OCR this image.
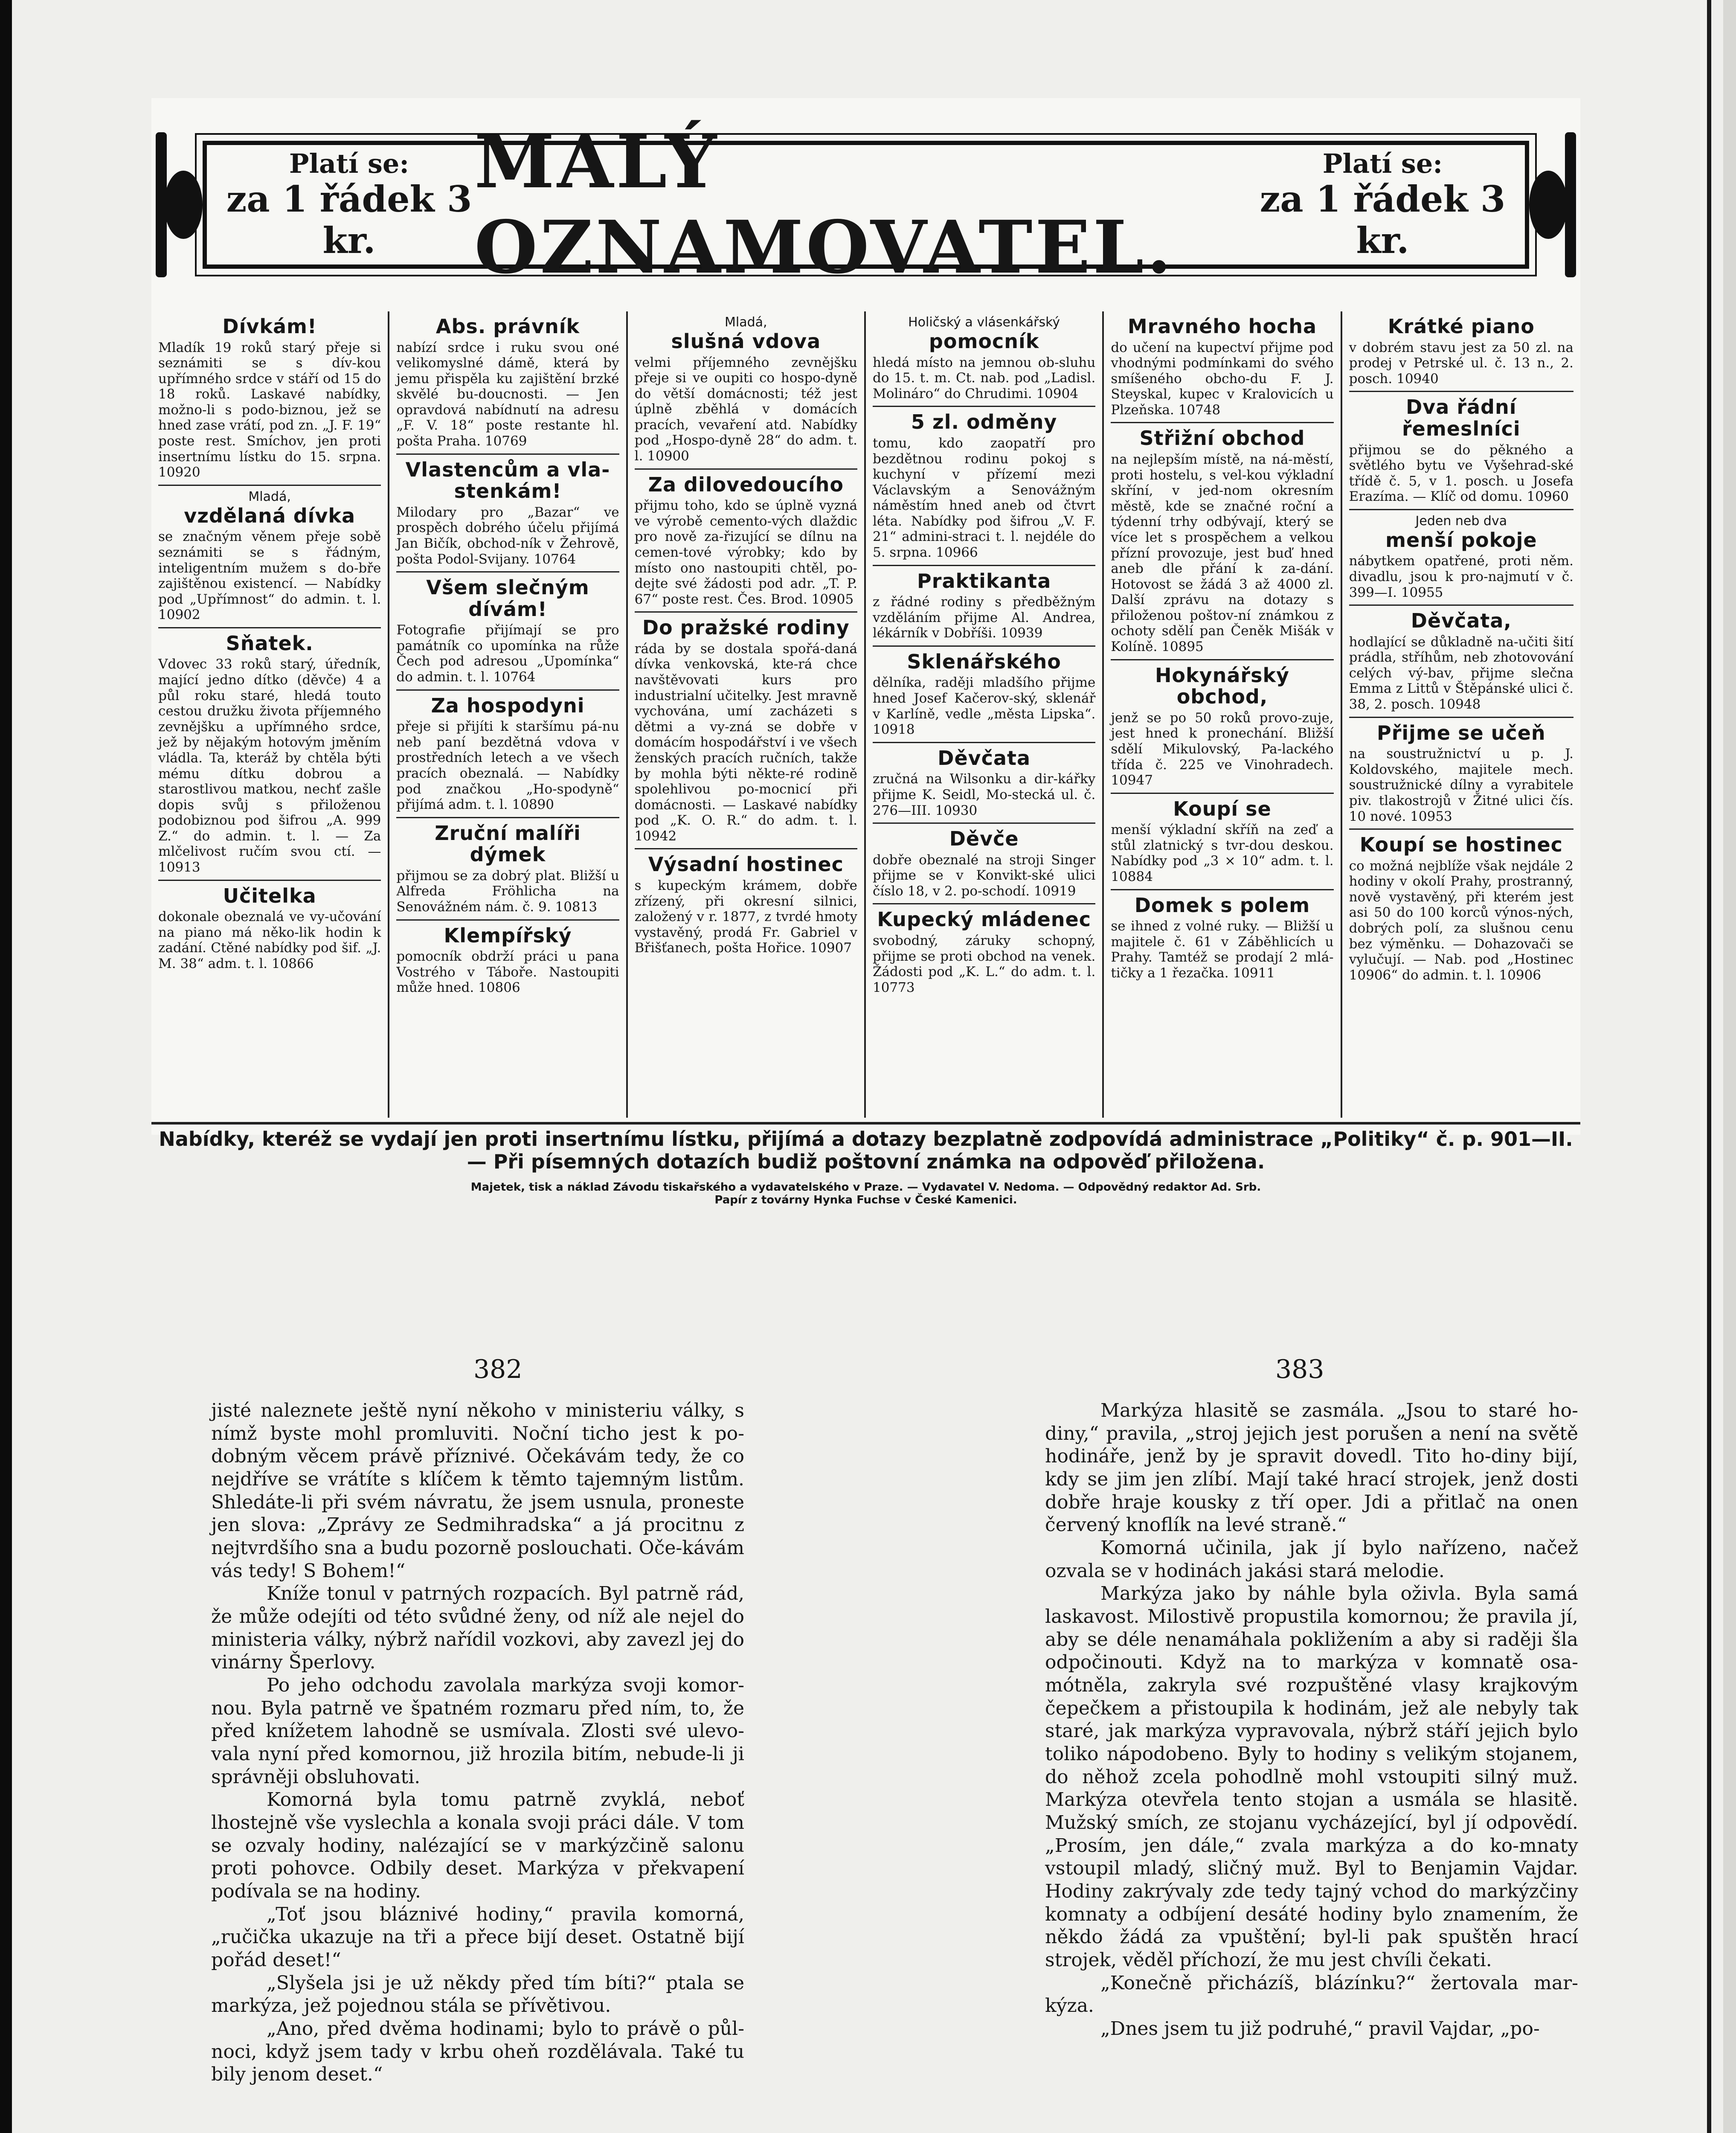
Platí se:
za 1 řádek 3 kr.
MALÝ OZNAMOVATEL.
Platí se:
za 1 řádek 3 kr.
Dívkám!
Mladík 19 roků starý přeje si seznámiti se s dív-kou upřímného srdce v stáří od 15 do 18 roků. Laskavé nabídky, možno-li s podo-biznou, jež se hned zase vrátí, pod zn. „J. F. 19“ poste rest. Smíchov, jen proti insertnímu lístku do 15. srpna. 10920
Mladá,
vzdělaná dívka
se značným věnem přeje sobě seznámiti se s řádným, inteligentním mužem s do-bře zajištěnou existencí. — Nabídky pod „Upřímnost“ do admin. t. l. 10902
Sňatek.
Vdovec 33 roků starý, úředník, mající jedno dítko (děvče) 4 a půl roku staré, hledá touto cestou družku života příjemného zevnějšku a upřímného srdce, jež by nějakým hotovým jměním vládla. Ta, kteráž by chtěla býti mému dítku dobrou a starostlivou matkou, nechť zašle dopis svůj s přiloženou podobiznou pod šifrou „A. 999 Z.“ do admin. t. l. — Za mlčelivost ručím svou ctí. — 10913
Učitelka
dokonale obeznalá ve vy-učování na piano má něko-lik hodin k zadání. Ctěné nabídky pod šif. „J. M. 38“ adm. t. l. 10866
Abs. právník
nabízí srdce i ruku svou oné velikomyslné dámě, která by jemu přispěla ku zajištění brzké skvělé bu-doucnosti. — Jen opravdová nabídnutí na adresu „F. V. 18“ poste restante hl. pošta Praha. 10769
Vlastencům a vla-stenkám!
Milodary pro „Bazar“ ve prospěch dobrého účelu přijímá Jan Bičík, obchod-ník v Žehrově, pošta Podol-Svijany. 10764
Všem slečným dívám!
Fotografie přijímají se pro památník co upomínka na růže Čech pod adresou „Upomínka“ do admin. t. l. 10764
Za hospodyni
přeje si přijíti k staršímu pá-nu neb paní bezdětná vdova v prostředních letech a ve všech pracích obeznalá. — Nabídky pod značkou „Ho-spodyně“ přijímá adm. t. l. 10890
Zruční malíři dýmek
přijmou se za dobrý plat. Bližší u Alfreda Fröhlicha na Senovážném nám. č. 9. 10813
Klempířský
pomocník obdrží práci u pana Vostrého v Táboře. Nastoupiti může hned. 10806
Mladá,
slušná vdova
velmi příjemného zevnějšku přeje si ve oupiti co hospo-dyně do větší domácnosti; též jest úplně zběhlá v domácích pracích, vevaření atd. Nabídky pod „Hospo-dyně 28“ do adm. t. l. 10900
Za dilovedoucího
přijmu toho, kdo se úplně vyzná ve výrobě cemento-vých dlaždic pro nově za-řizující se dílnu na cemen-tové výrobky; kdo by místo ono nastoupiti chtěl, po-dejte své žádosti pod adr. „T. P. 67“ poste rest. Čes. Brod. 10905
Do pražské rodiny
ráda by se dostala spořá-daná dívka venkovská, kte-rá chce navštěvovati kurs pro industrialní učitelky. Jest mravně vychována, umí zacházeti s dětmi a vy-zná se dobře v domácím hospodářství i ve všech ženských pracích ručních, takže by mohla býti někte-ré rodině spolehlivou po-mocnicí při domácnosti. — Laskavé nabídky pod „K. O. R.“ do adm. t. l. 10942
Výsadní hostinec
s kupeckým krámem, dobře zřízený, při okresní silnici, založený v r. 1877, z tvrdé hmoty vystavěný, prodá Fr. Gabriel v Břišťanech, pošta Hořice. 10907
Holičský a vlásenkářský
pomocník
hledá místo na jemnou ob-sluhu do 15. t. m. Ct. nab. pod „Ladisl. Molináro“ do Chrudimi. 10904
5 zl. odměny
tomu, kdo zaopatří pro bezdětnou rodinu pokoj s kuchyní v přízemí mezi Václavským a Senovážným náměstím hned aneb od čtvrt léta. Nabídky pod šifrou „V. F. 21“ admini-straci t. l. nejdéle do 5. srpna. 10966
Praktikanta
z řádné rodiny s předběžným vzděláním přijme Al. Andrea, lékárník v Dobříši. 10939
Sklenářského
dělníka, raději mladšího přijme hned Josef Kačerov-ský, sklenář v Karlíně, vedle „města Lipska“. 10918
Děvčata
zručná na Wilsonku a dir-kářky přijme K. Seidl, Mo-stecká ul. č. 276—III. 10930
Děvče
dobře obeznalé na stroji Singer přijme se v Konvikt-ské ulici číslo 18, v 2. po-schodí. 10919
Kupecký mládenec
svobodný, záruky schopný, přijme se proti obchod na venek. Žádosti pod „K. L.“ do adm. t. l. 10773
Mravného hocha
do učení na kupectví přijme pod vhodnými podmínkami do svého smíšeného obcho-du F. J. Steyskal, kupec v Kralovicích u Plzeňska. 10748
Střižní obchod
na nejlepším místě, na ná-městí, proti hostelu, s vel-kou výkladní skříní, v jed-nom okresním městě, kde se značné roční a týdenní trhy odbývají, který se více let s prospěchem a velkou přízní provozuje, jest buď hned aneb dle přání k za-dání. Hotovost se žádá 3 až 4000 zl. Další zprávu na dotazy s přiloženou poštov-ní známkou z ochoty sdělí pan Čeněk Mišák v Kolíně. 10895
Hokynářský obchod,
jenž se po 50 roků provo-zuje, jest hned k pronechání. Bližší sdělí Mikulovský, Pa-lackého třída č. 225 ve Vinohradech. 10947
Koupí se
menší výkladní skříň na zeď a stůl zlatnický s tvr-dou deskou. Nabídky pod „3 × 10“ adm. t. l. 10884
Domek s polem
se ihned z volné ruky. — Bližší u majitele č. 61 v Záběhlicích u Prahy. Tamtéž se prodají 2 mlá-tičky a 1 řezačka. 10911
Krátké piano
v dobrém stavu jest za 50 zl. na prodej v Petrské ul. č. 13 n., 2. posch. 10940
Dva řádní řemeslníci
přijmou se do pěkného a světlého bytu ve Vyšehrad-ské třídě č. 5, v 1. posch. u Josefa Erazíma. — Klíč od domu. 10960
Jeden neb dva
menší pokoje
nábytkem opatřené, proti něm. divadlu, jsou k pro-najmutí v č. 399—I. 10955
Děvčata,
hodlající se důkladně na-učiti šití prádla, stříhům, neb zhotovování celých vý-bav, přijme slečna Emma z Littů v Štěpánské ulici č. 38, 2. posch. 10948
Přijme se učeň
na soustružnictví u p. J. Koldovského, majitele mech. soustružnické dílny a vyrabitele piv. tlakostrojů v Žitné ulici čís. 10 nové. 10953
Koupí se hostinec
co možná nejblíže však nejdále 2 hodiny v okolí Prahy, prostranný, nově vystavěný, při kterém jest asi 50 do 100 korců výnos-ných, dobrých polí, za slušnou cenu bez výměnku. — Dohazovači se vylučují. — Nab. pod „Hostinec 10906“ do admin. t. l. 10906
Nabídky, kteréž se vydají jen proti insertnímu lístku, přijímá a dotazy bezplatně zodpovídá administrace „Politiky“ č. p. 901—II. — Při písemných dotazích budiž poštovní známka na odpověď přiložena.
Majetek, tisk a náklad Závodu tiskařského a vydavatelského v Praze. — Vydavatel V. Nedoma. — Odpovědný redaktor Ad. Srb.
Papír z továrny Hynka Fuchse v České Kamenici.
382	383

jisté naleznete ještě nyní někoho v ministeriu války, s nímž byste mohl promluviti. Noční ticho jest k po-dobným věcem právě příznivé. Očekávám tedy, že co nejdříve se vrátíte s klíčem k těmto tajemným listům. Shledáte-li při svém návratu, že jsem usnula, proneste jen slova: „Zprávy ze Sedmihradska“ a já procitnu z nejtvrdšího sna a budu pozorně poslouchati. Oče-kávám vás tedy! S Bohem!“

Kníže tonul v patrných rozpacích. Byl patrně rád, že může odejíti od této svůdné ženy, od níž ale nejel do ministeria války, nýbrž nařídil vozkovi, aby zavezl jej do vinárny Šperlovy.

Po jeho odchodu zavolala markýza svoji komor-nou. Byla patrně ve špatném rozmaru před ním, to, že před knížetem lahodně se usmívala. Zlosti své ulevo-vala nyní před komornou, již hrozila bitím, nebude-li ji správněji obsluhovati.

Komorná byla tomu patrně zvyklá, neboť lhostejně vše vyslechla a konala svoji práci dále. V tom se ozvaly hodiny, nalézající se v markýzčině salonu proti pohovce. Odbily deset. Markýza v překvapení podívala se na hodiny.

„Toť jsou bláznivé hodiny,“ pravila komorná, „ručička ukazuje na tři a přece bijí deset. Ostatně bijí pořád deset!“

„Slyšela jsi je už někdy před tím bíti?“ ptala se markýza, jež pojednou stála se přívětivou.

„Ano, před dvěma hodinami; bylo to právě o půl-noci, když jsem tady v krbu oheň rozdělávala. Také tu bily jenom deset.“

Markýza hlasitě se zasmála. „Jsou to staré ho-diny,“ pravila, „stroj jejich jest porušen a není na světě hodináře, jenž by je spravit dovedl. Tito ho-diny bijí, kdy se jim jen zlíbí. Mají také hrací strojek, jenž dosti dobře hraje kousky z tří oper. Jdi a přitlač na onen červený knoflík na levé straně.“

Komorná učinila, jak jí bylo nařízeno, načež ozvala se v hodinách jakási stará melodie.

Markýza jako by náhle byla oživla. Byla samá laskavost. Milostivě propustila komornou; že pravila jí, aby se déle nenamáhala pokližením a aby si raději šla odpočinouti. Když na to markýza v komnatě osa-mótněla, zakryla své rozpuštěné vlasy krajkovým čepečkem a přistoupila k hodinám, jež ale nebyly tak staré, jak markýza vypravovala, nýbrž stáří jejich bylo toliko nápodobeno. Byly to hodiny s velikým stojanem, do něhož zcela pohodlně mohl vstoupiti silný muž. Markýza otevřela tento stojan a usmála se hlasitě. Mužský smích, ze stojanu vycházející, byl jí odpovědí. „Prosím, jen dále,“ zvala markýza a do ko-mnaty vstoupil mladý, sličný muž. Byl to Benjamin Vajdar. Hodiny zakrývaly zde tedy tajný vchod do markýzčiny komnaty a odbíjení desáté hodiny bylo znamením, že někdo žádá za vpuštění; byl-li pak spuštěn hrací strojek, věděl příchozí, že mu jest chvíli čekati.

„Konečně přicházíš, blázínku?“ žertovala mar-kýza.

„Dnes jsem tu již podruhé,“ pravil Vajdar, „po-
